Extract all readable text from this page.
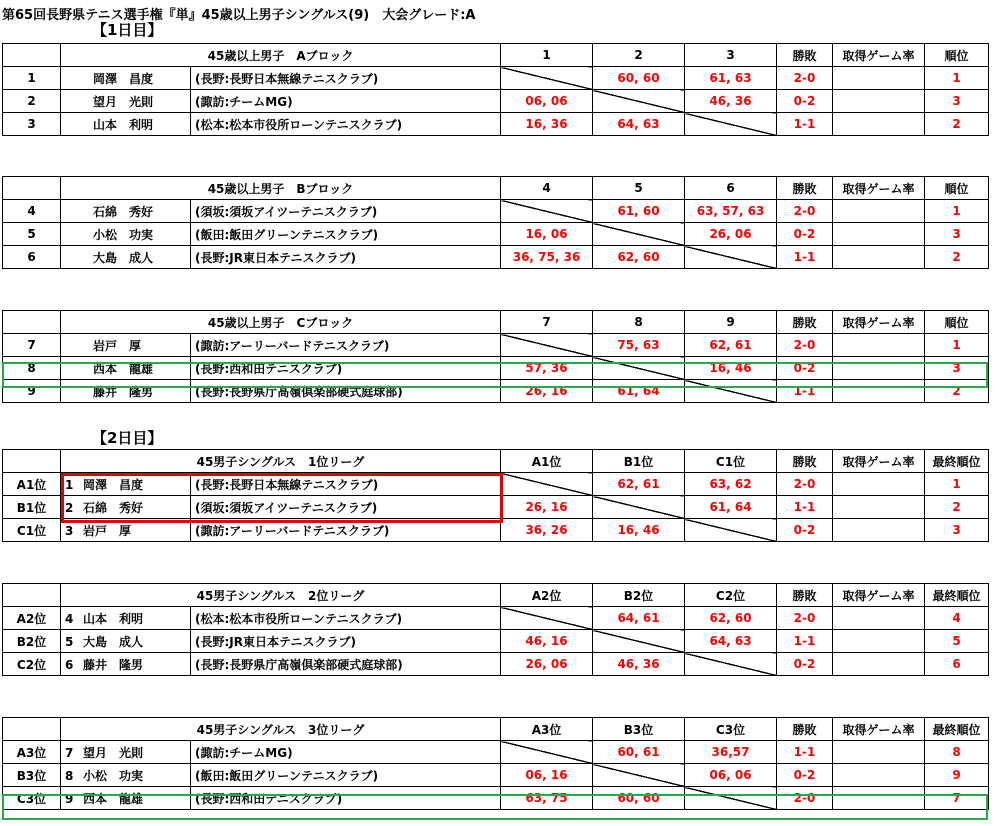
第65回長野県テニス選手権『単』45歳以上男子シングルス(9)　大会グレード:A
【1日目】
【2日目】
	45歳以上男子　Aブロック		1	2	3	勝敗	取得ゲーム率	順位
1	岡澤　昌度	(長野:長野日本無線テニスクラブ)		60, 60	61, 63	2-0		1
2	望月　光則	(諏訪:チームMG)	06, 06		46, 36	0-2		3
3	山本　利明	(松本:松本市役所ローンテニスクラブ)	16, 36	64, 63		1-1		2
	45歳以上男子　Bブロック		4	5	6	勝敗	取得ゲーム率	順位
4	石綿　秀好	(須坂:須坂アイツーテニスクラブ)		61, 60	63, 57, 63	2-0		1
5	小松　功実	(飯田:飯田グリーンテニスクラブ)	16, 06		26, 06	0-2		3
6	大島　成人	(長野:JR東日本テニスクラブ)	36, 75, 36	62, 60		1-1		2
	45歳以上男子　Cブロック		7	8	9	勝敗	取得ゲーム率	順位
7	岩戸　厚	(諏訪:アーリーバードテニスクラブ)		75, 63	62, 61	2-0		1
8	西本　龍雄	(長野:西和田テニスクラブ)	57, 36		16, 46	0-2		3
9	藤井　隆男	(長野:長野県庁高嶺倶楽部硬式庭球部)	26, 16	61, 64		1-1		2
	45男子シングルス　1位リーグ		A1位	B1位	C1位	勝敗	取得ゲーム率	最終順位
A1位	1 岡澤　昌度	(長野:長野日本無線テニスクラブ)		62, 61	63, 62	2-0		1
B1位	2 石綿　秀好	(須坂:須坂アイツーテニスクラブ)	26, 16		61, 64	1-1		2
C1位	3 岩戸　厚	(諏訪:アーリーバードテニスクラブ)	36, 26	16, 46		0-2		3
	45男子シングルス　2位リーグ		A2位	B2位	C2位	勝敗	取得ゲーム率	最終順位
A2位	4 山本　利明	(松本:松本市役所ローンテニスクラブ)		64, 61	62, 60	2-0		4
B2位	5 大島　成人	(長野:JR東日本テニスクラブ)	46, 16		64, 63	1-1		5
C2位	6 藤井　隆男	(長野:長野県庁高嶺倶楽部硬式庭球部)	26, 06	46, 36		0-2		6
	45男子シングルス　3位リーグ		A3位	B3位	C3位	勝敗	取得ゲーム率	最終順位
A3位	7 望月　光則	(諏訪:チームMG)		60, 61	36,57	1-1		8
B3位	8 小松　功実	(飯田:飯田グリーンテニスクラブ)	06, 16		06, 06	0-2		9
C3位	9 西本　龍雄	(長野:西和田テニスクラブ)	63, 75	60, 60		2-0		7
